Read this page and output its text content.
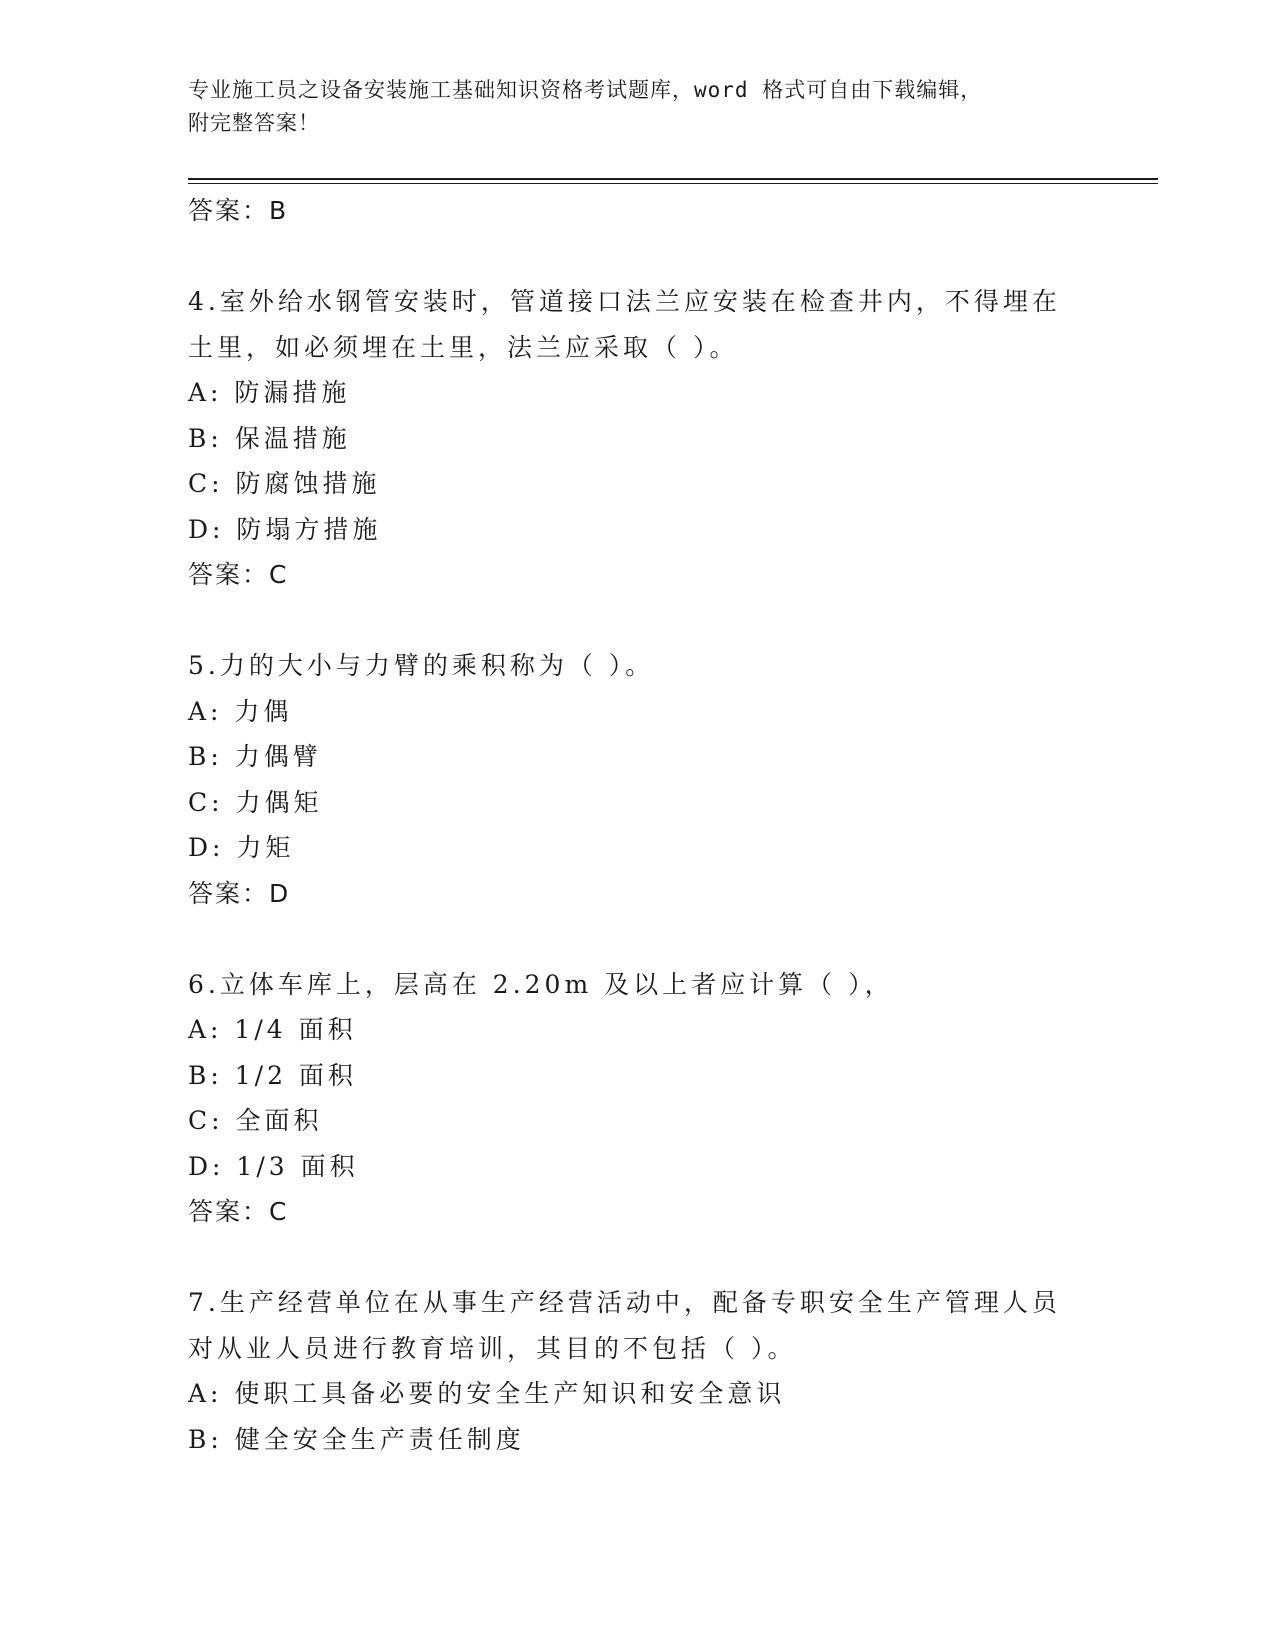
专业施工员之设备安装施工基础知识资格考试题库，word 格式可自由下载编辑，
附完整答案！
答案：B
4.室外给水钢管安装时，管道接口法兰应安装在检查井内，不得埋在
土里，如必须埋在土里，法兰应采取（ ）。
A: 防漏措施
B: 保温措施
C: 防腐蚀措施
D: 防塌方措施
答案：C
5.力的大小与力臂的乘积称为（ ）。
A: 力偶
B: 力偶臂
C: 力偶矩
D: 力矩
答案：D
6.立体车库上，层高在 2.20m 及以上者应计算（ ），
A: 1/4 面积
B: 1/2 面积
C: 全面积
D: 1/3 面积
答案：C
7.生产经营单位在从事生产经营活动中，配备专职安全生产管理人员
对从业人员进行教育培训，其目的不包括（ ）。
A: 使职工具备必要的安全生产知识和安全意识
B: 健全安全生产责任制度
